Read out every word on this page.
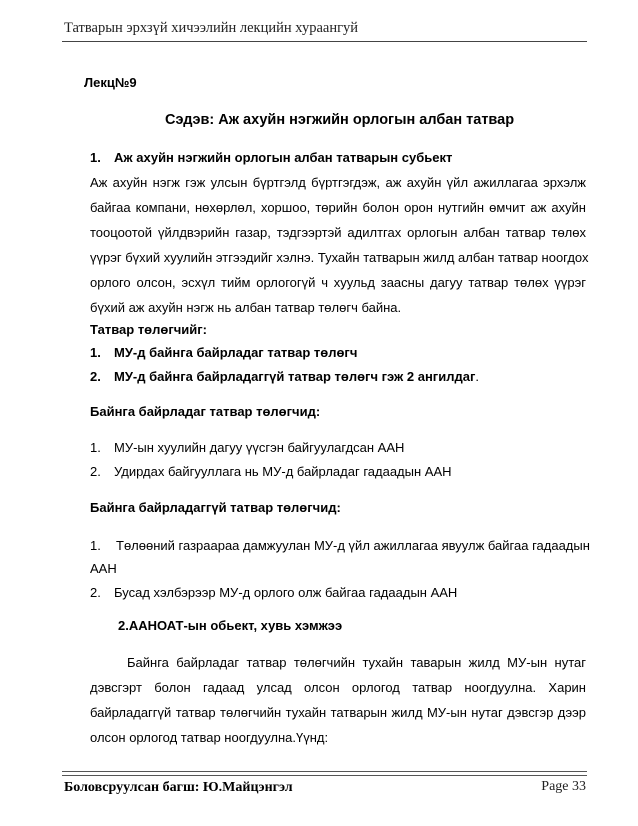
Татварын эрхзүй хичээлийн лекцийн хураангуй
Лекц№9
Сэдэв: Аж ахуйн нэгжийн орлогын албан татвар
1. Аж ахуйн нэгжийн орлогын албан татварын субьект
Аж ахуйн нэгж гэж улсын бүртгэлд бүртгэгдэж, аж ахуйн үйл ажиллагаа эрхэлж
байгаа компани, нөхөрлөл, хоршоо, төрийн болон орон нутгийн өмчит аж ахуйн
тооцоотой үйлдвэрийн газар, тэдгээртэй адилтгах орлогын албан татвар төлөх
үүрэг бүхий хуулийн этгээдийг хэлнэ. Тухайн татварын жилд албан татвар ноогдох
орлого олсон, эсхүл тийм орлогогүй ч хуульд заасны дагуу татвар төлөх үүрэг
бүхий аж ахуйн нэгж нь албан татвар төлөгч байна.
Татвар төлөгчийг:
1. МУ-д байнга байрладаг татвар төлөгч
2. МУ-д байнга байрладаггүй татвар төлөгч гэж 2 ангилдаг.
Байнга байрладаг татвар төлөгчид:
1. МУ-ын хуулийн дагуу үүсгэн байгуулагдсан ААН
2. Удирдах байгууллага нь МУ-д байрладаг гадаадын ААН
Байнга байрладаггүй татвар төлөгчид:
1. Төлөөний газраараа дамжуулан МУ-д үйл ажиллагаа явуулж байгаа гадаадын
ААН
2. Бусад хэлбэрээр МУ-д орлого олж байгаа гадаадын ААН
2.ААНОАТ-ын обьект, хувь хэмжээ
Байнга байрладаг татвар төлөгчийн тухайн таварын жилд МУ-ын нутаг
дэвсгэрт болон гадаад улсад олсон орлогод татвар ноогдуулна. Харин
байрладаггүй татвар төлөгчийн тухайн татварын жилд МУ-ын нутаг дэвсгэр дээр
олсон орлогод татвар ноогдуулна.Үүнд:
Боловсруулсан багш: Ю.Майцэнгэл	Page 33
